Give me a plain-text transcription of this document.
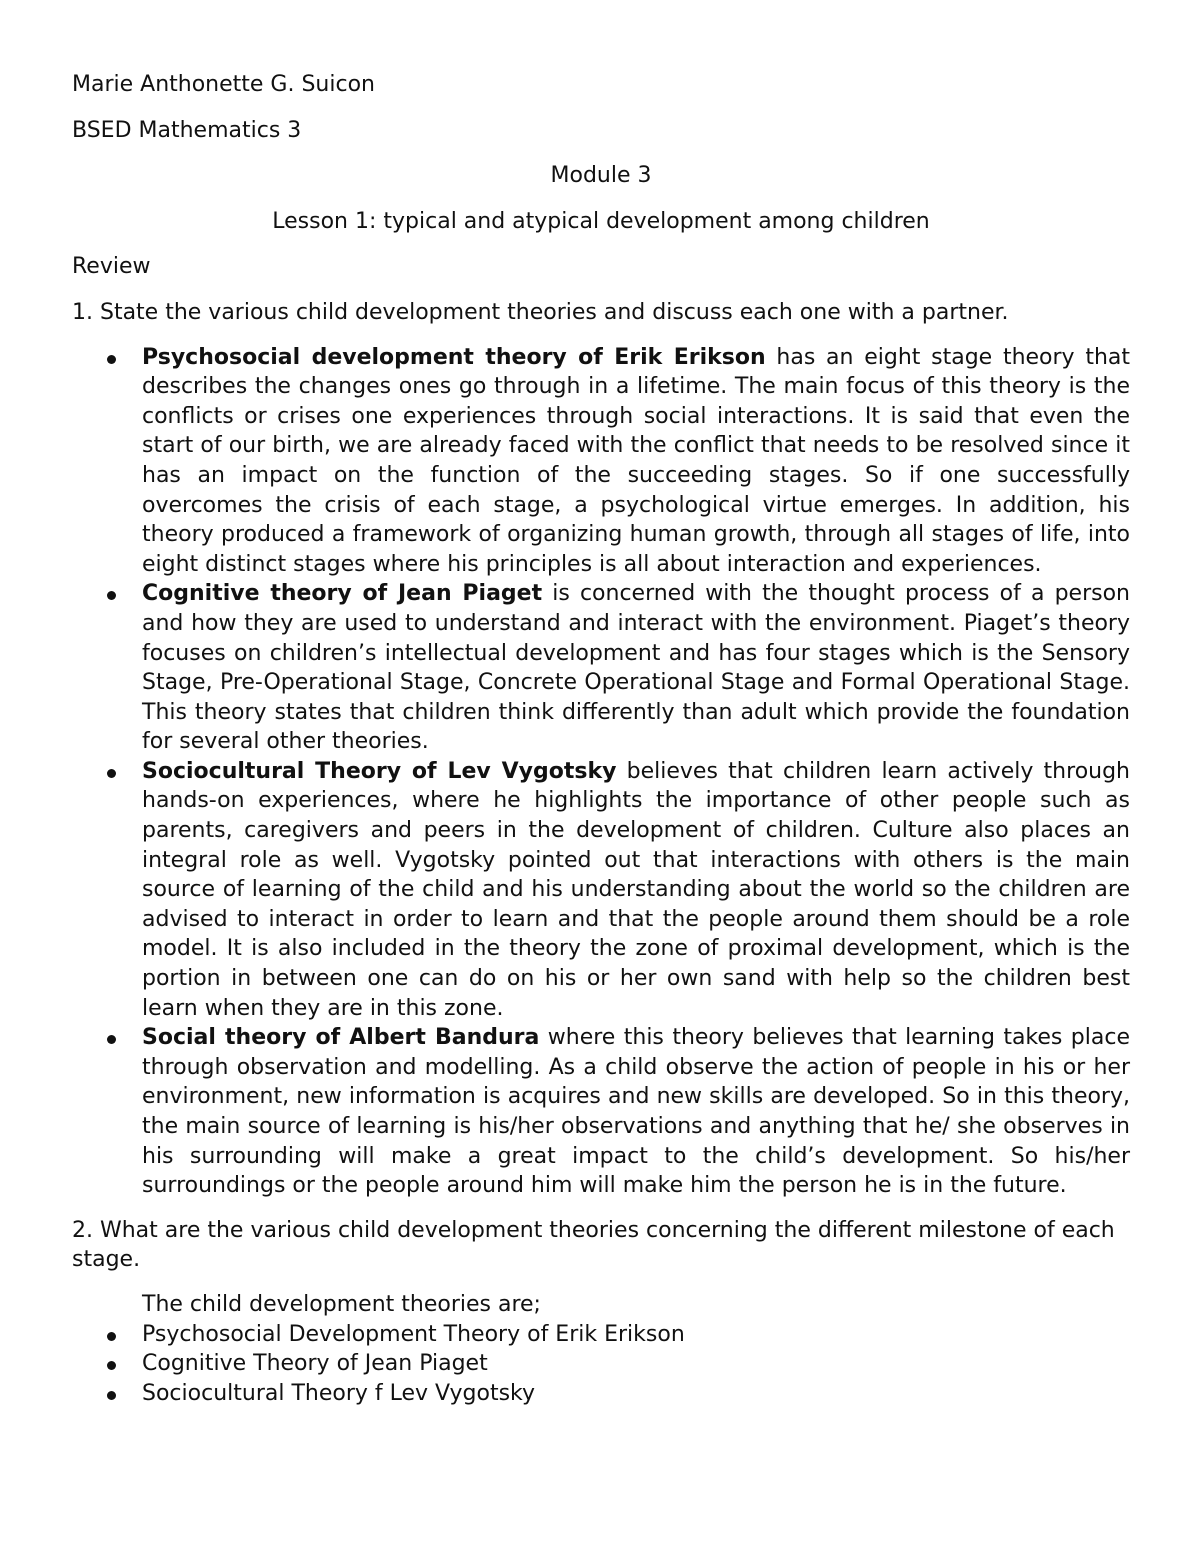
Marie Anthonette G. Suicon

BSED Mathematics 3

Module 3

Lesson 1: typical and atypical development among children

Review

1. State the various child development theories and discuss each one with a partner.

Psychosocial development theory of Erik Erikson has an eight stage theory that describes the changes ones go through in a lifetime. The main focus of this theory is the conflicts or crises one experiences through social interactions. It is said that even the start of our birth, we are already faced with the conflict that needs to be resolved since it has an impact on the function of the succeeding stages. So if one successfully overcomes the crisis of each stage, a psychological virtue emerges. In addition, his theory produced a framework of organizing human growth, through all stages of life, into eight distinct stages where his principles is all about interaction and experiences.
Cognitive theory of Jean Piaget is concerned with the thought process of a person and how they are used to understand and interact with the environment. Piaget’s theory focuses on children’s intellectual development and has four stages which is the Sensory Stage, Pre-Operational Stage, Concrete Operational Stage and Formal Operational Stage. This theory states that children think differently than adult which provide the foundation for several other theories.
Sociocultural Theory of Lev Vygotsky believes that children learn actively through hands-on experiences, where he highlights the importance of other people such as parents, caregivers and peers in the development of children. Culture also places an integral role as well. Vygotsky pointed out that interactions with others is the main source of learning of the child and his understanding about the world so the children are advised to interact in order to learn and that the people around them should be a role model. It is also included in the theory the zone of proximal development, which is the portion in between one can do on his or her own sand with help so the children best learn when they are in this zone.
Social theory of Albert Bandura where this theory believes that learning takes place through observation and modelling. As a child observe the action of people in his or her environment, new information is acquires and new skills are developed. So in this theory, the main source of learning is his/her observations and anything that he/ she observes in his surrounding will make a great impact to the child’s development. So his/her surroundings or the people around him will make him the person he is in the future.

2. What are the various child development theories concerning the different milestone of each stage.

The child development theories are;

Psychosocial Development Theory of Erik Erikson
Cognitive Theory of Jean Piaget
Sociocultural Theory f Lev Vygotsky
